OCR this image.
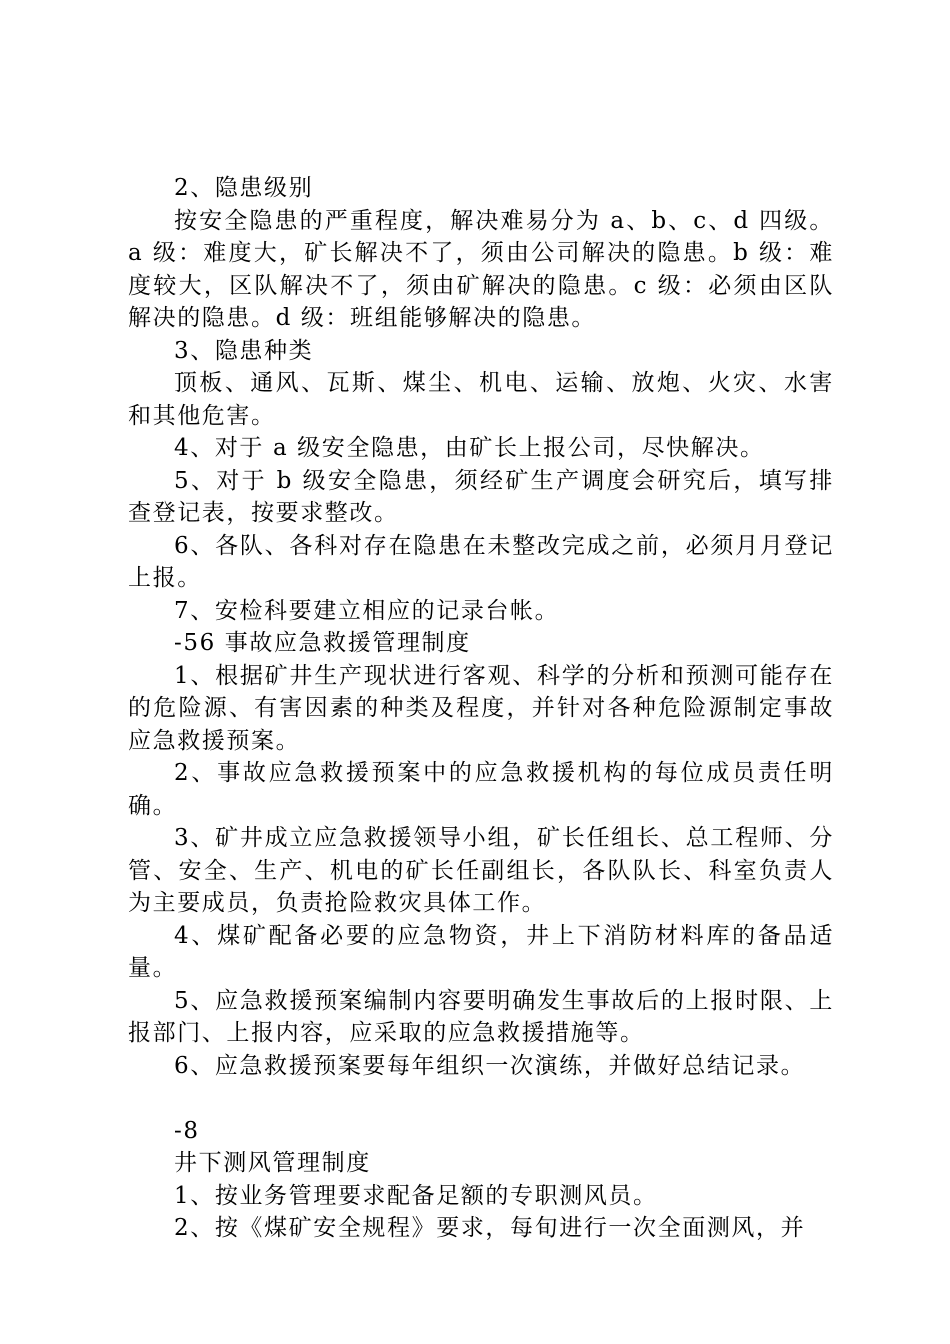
2、隐患级别

按安全隐患的严重程度，解决难易分为 a、b、c、d 四级。a 级：难度大，矿长解决不了，须由公司解决的隐患。b 级：难度较大，区队解决不了，须由矿解决的隐患。c 级：必须由区队解决的隐患。d 级：班组能够解决的隐患。

3、隐患种类

顶板、通风、瓦斯、煤尘、机电、运输、放炮、火灾、水害和其他危害。

4、对于 a 级安全隐患，由矿长上报公司，尽快解决。

5、对于 b 级安全隐患，须经矿生产调度会研究后，填写排查登记表，按要求整改。

6、各队、各科对存在隐患在未整改完成之前，必须月月登记上报。

7、安检科要建立相应的记录台帐。

-56 事故应急救援管理制度

1、根据矿井生产现状进行客观、科学的分析和预测可能存在的危险源、有害因素的种类及程度，并针对各种危险源制定事故应急救援预案。

2、事故应急救援预案中的应急救援机构的每位成员责任明确。

3、矿井成立应急救援领导小组，矿长任组长、总工程师、分管、安全、生产、机电的矿长任副组长，各队队长、科室负责人为主要成员，负责抢险救灾具体工作。

4、煤矿配备必要的应急物资，井上下消防材料库的备品适量。

5、应急救援预案编制内容要明确发生事故后的上报时限、上报部门、上报内容，应采取的应急救援措施等。

6、应急救援预案要每年组织一次演练，并做好总结记录。

-8

井下测风管理制度

1、按业务管理要求配备足额的专职测风员。

2、按《煤矿安全规程》要求，每旬进行一次全面测风，并
